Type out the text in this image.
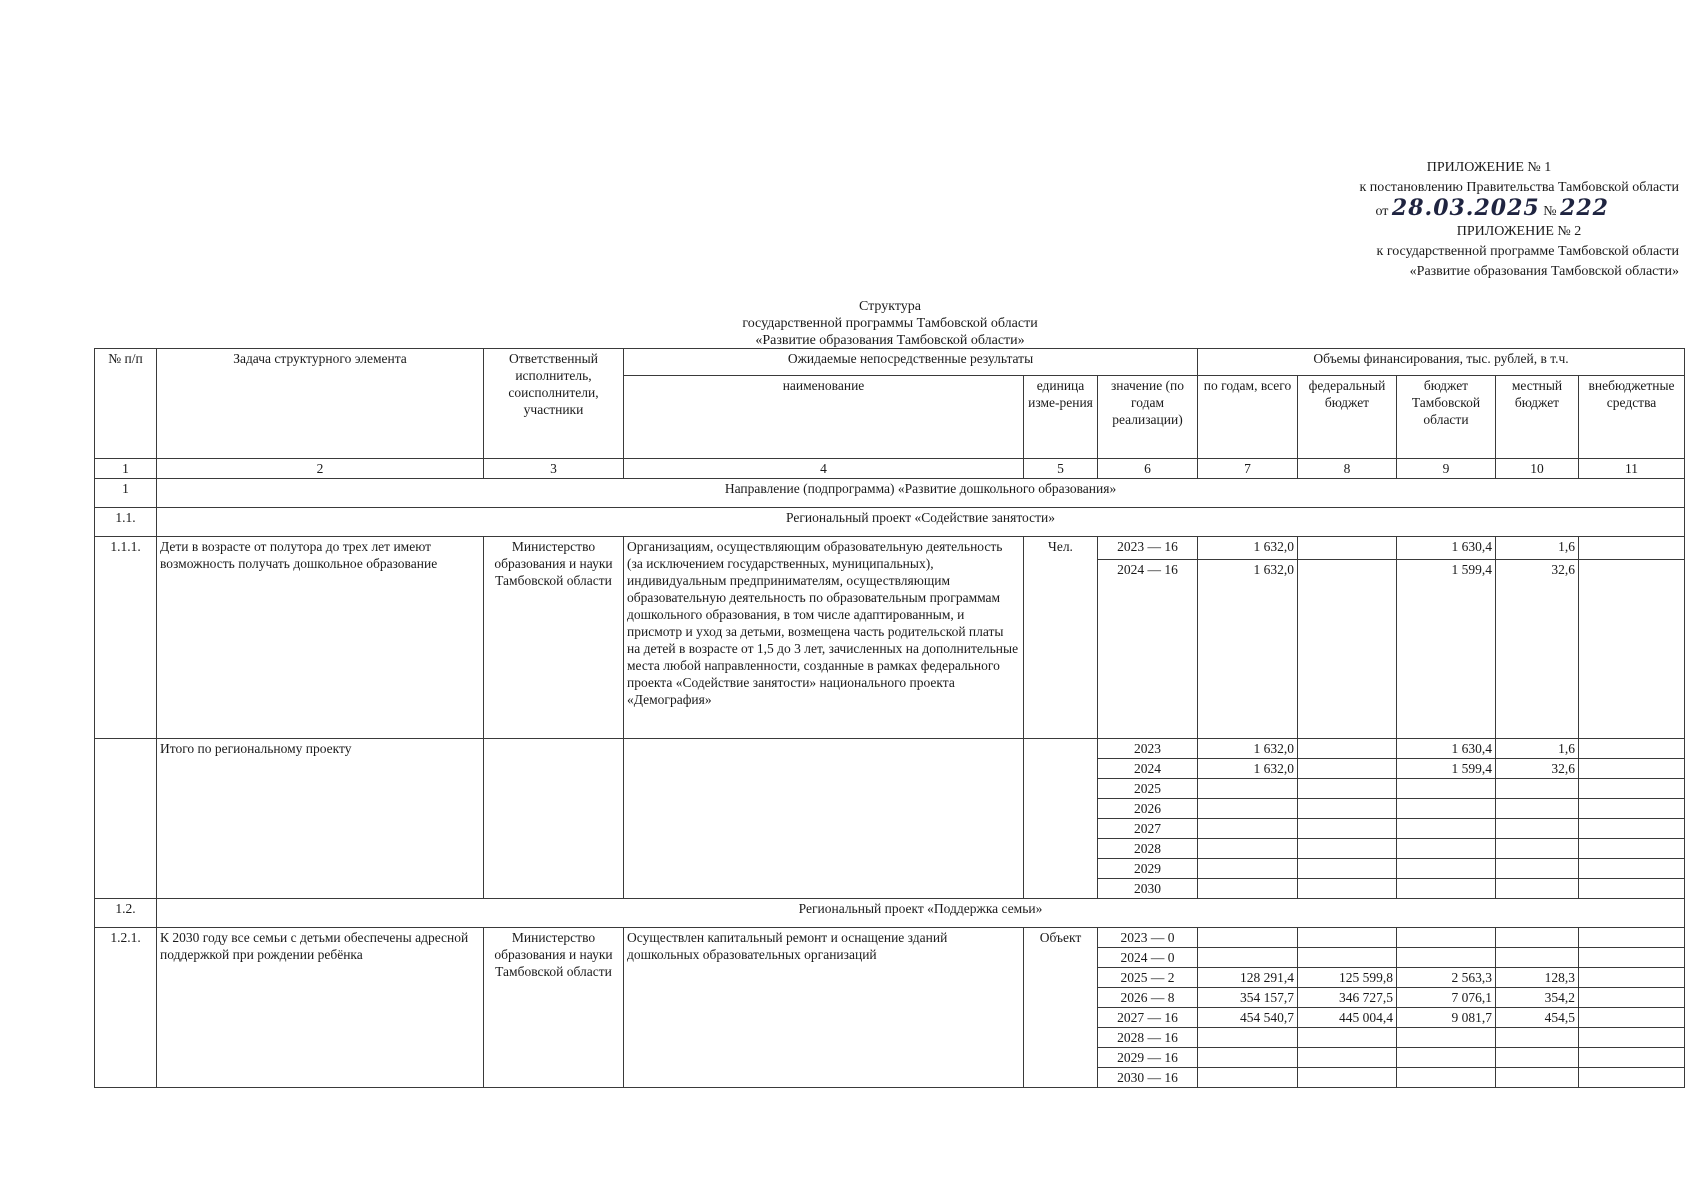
ПРИЛОЖЕНИЕ № 1
к постановлению Правительства Тамбовской области
от 28.03.2025 № 222
ПРИЛОЖЕНИЕ № 2
к государственной программе Тамбовской области
«Развитие образования Тамбовской области»
Структура
государственной программы Тамбовской области
«Развитие образования Тамбовской области»
№ п/п	Задача структурного элемента	Ответственный исполнитель, соисполнители, участники	Ожидаемые непосредственные результаты			Объемы финансирования, тыс. рублей, в т.ч.				
			наименование	единица изме-рения	значение (по годам реализации)	по годам, всего	федеральный бюджет	бюджет Тамбовской области	местный бюджет	внебюджетные средства
1	2	3	4	5	6	7	8	9	10	11
1	Направление (подпрограмма) «Развитие дошкольного образования»									
1.1.	Региональный проект «Содействие занятости»									
1.1.1.	Дети в возрасте от полутора до трех лет имеют возможность получать дошкольное образование	Министерство образования и науки Тамбовской области	Организациям, осуществляющим образовательную деятельность (за исключением государственных, муниципальных), индивидуальным предпринимателям, осуществляющим образовательную деятельность по образовательным программам дошкольного образования, в том числе адаптированным, и присмотр и уход за детьми, возмещена часть родительской платы на детей в возрасте от 1,5 до 3 лет, зачисленных на дополнительные места любой направленности, созданные в рамках федерального проекта «Содействие занятости» национального проекта «Демография»	Чел.	2023 — 16	1 632,0		1 630,4	1,6	
					2024 — 16	1 632,0		1 599,4	32,6	
	Итого по региональному проекту				2023	1 632,0		1 630,4	1,6	
					2024	1 632,0		1 599,4	32,6	
					2025					
					2026					
					2027					
					2028					
					2029					
					2030					
1.2.	Региональный проект «Поддержка семьи»									
1.2.1.	К 2030 году все семьи с детьми обеспечены адресной поддержкой при рождении ребёнка	Министерство образования и науки Тамбовской области	Осуществлен капитальный ремонт и оснащение зданий дошкольных образовательных организаций	Объект	2023 — 0					
					2024 — 0					
					2025 — 2	128 291,4	125 599,8	2 563,3	128,3	
					2026 — 8	354 157,7	346 727,5	7 076,1	354,2	
					2027 — 16	454 540,7	445 004,4	9 081,7	454,5	
					2028 — 16					
					2029 — 16					
					2030 — 16					
